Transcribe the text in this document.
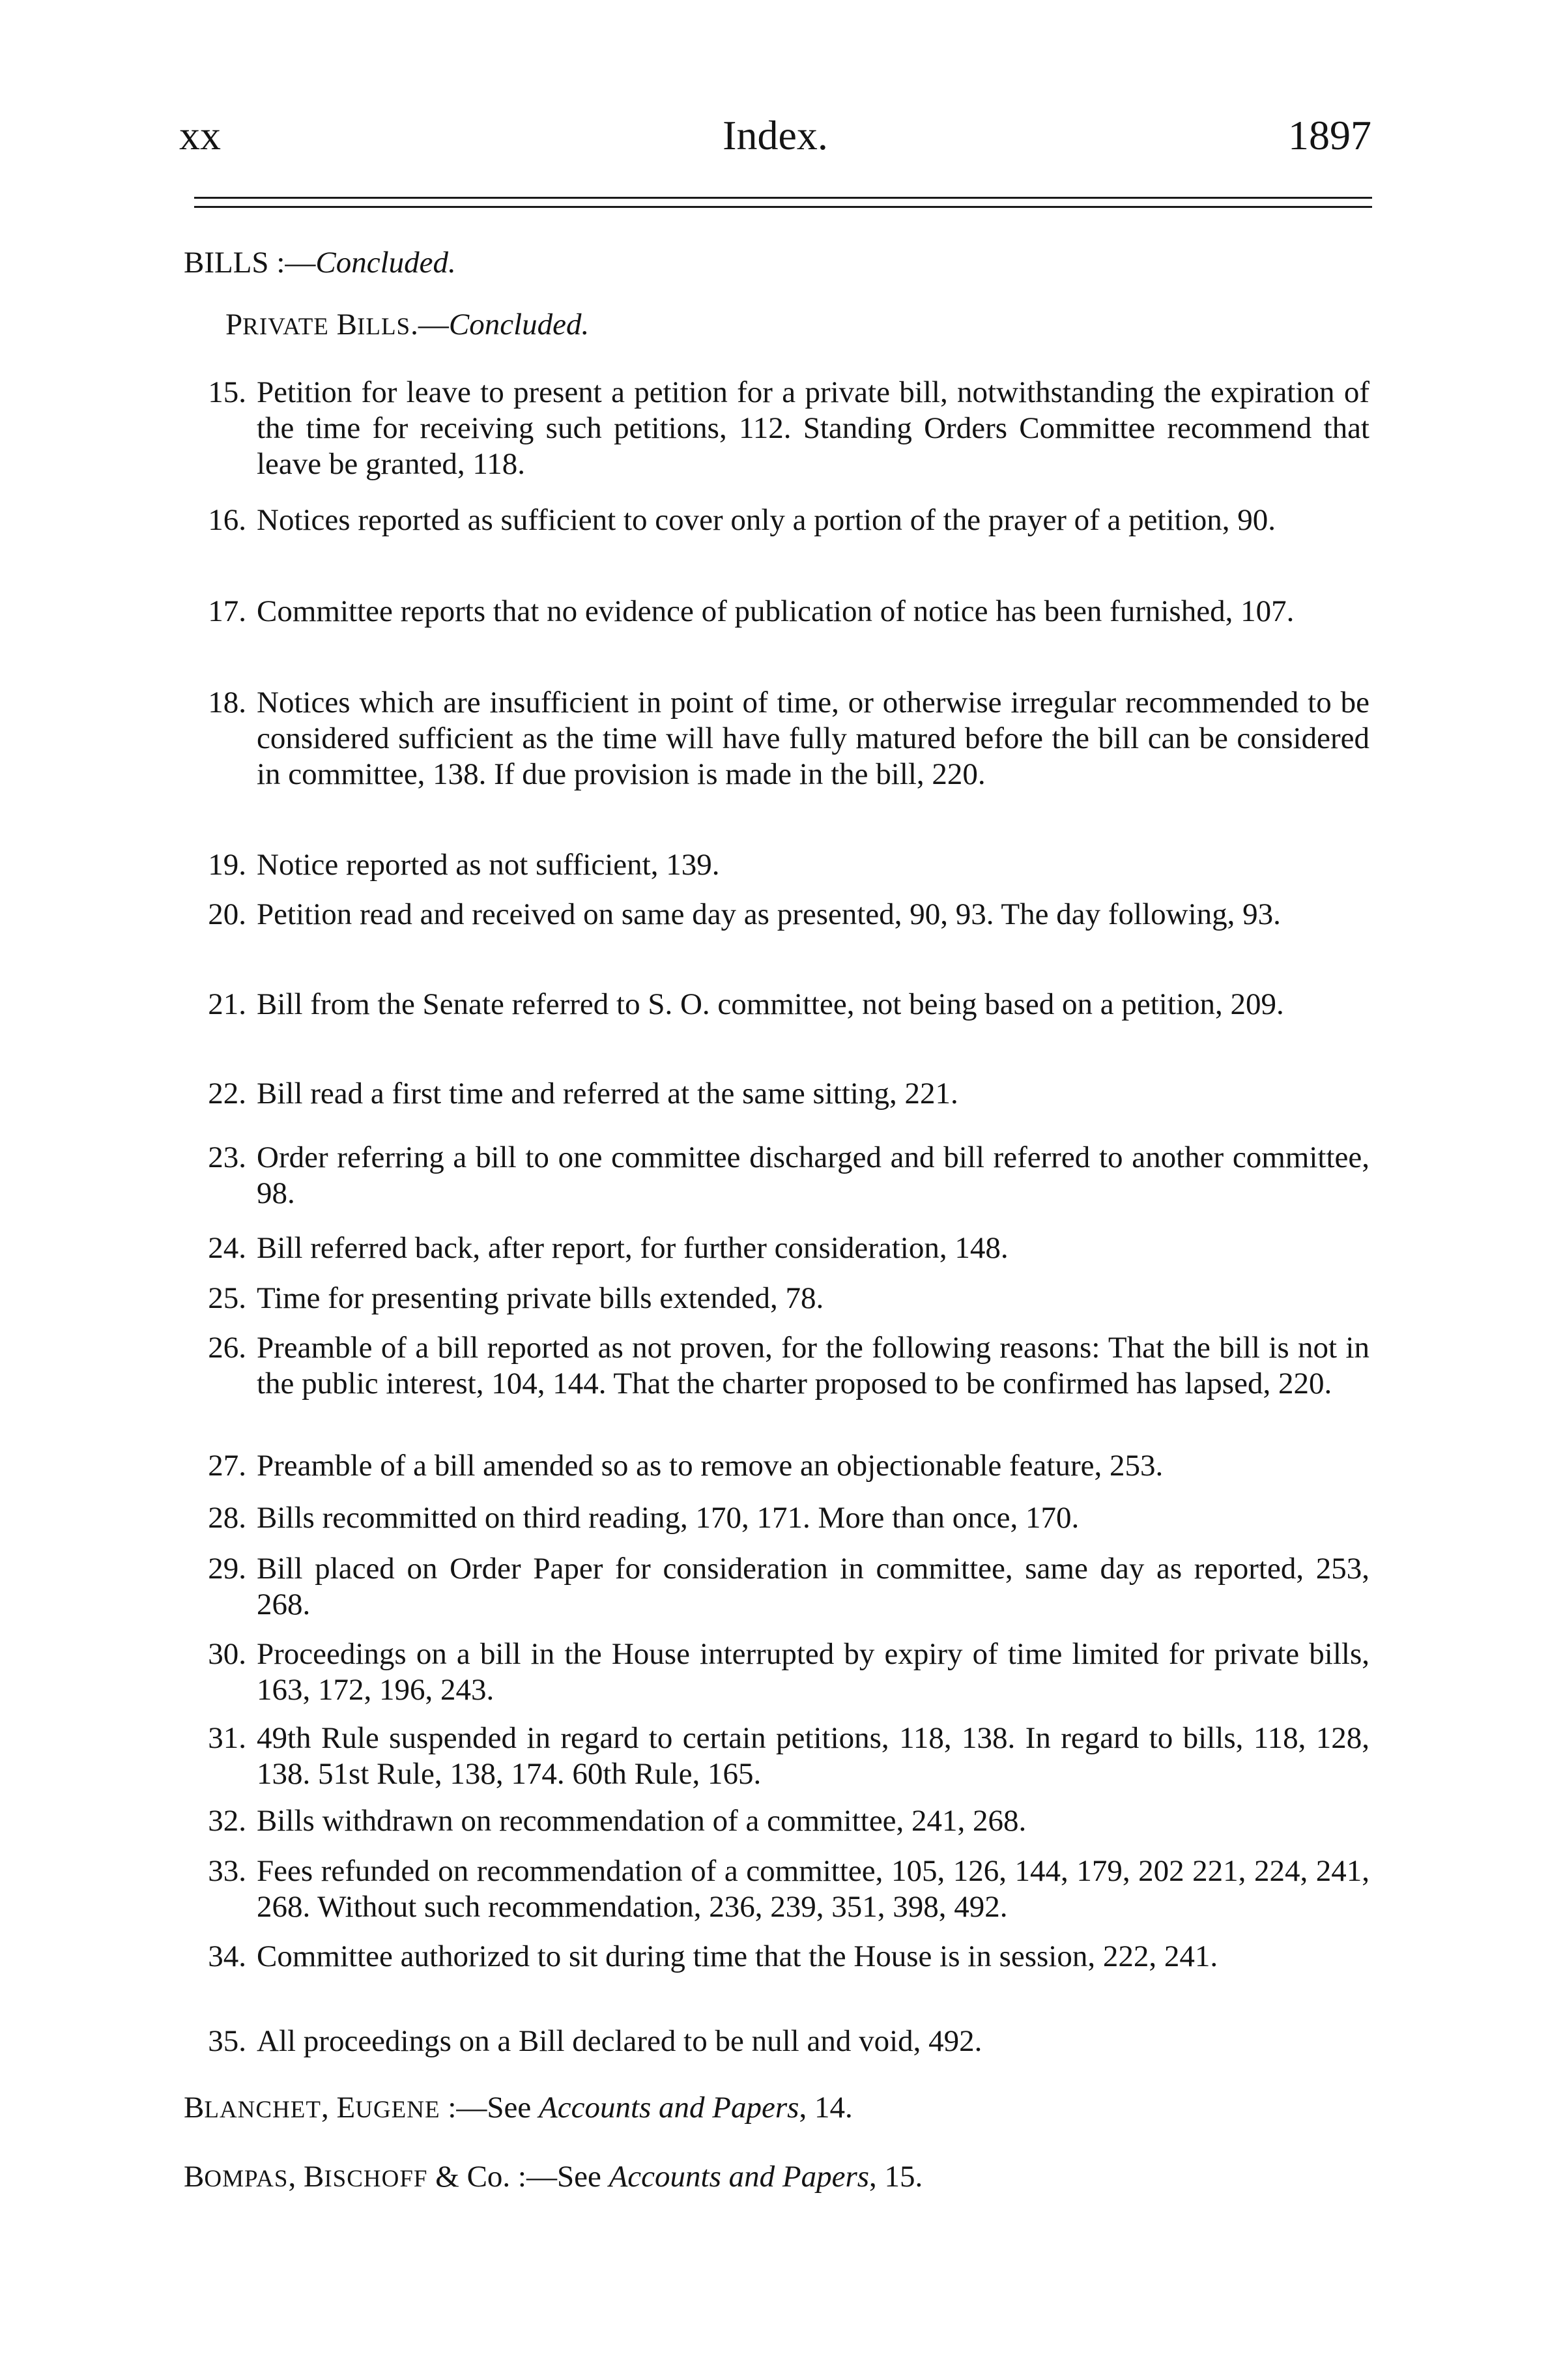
xx	Index.	1897
BILLS :—Concluded.
PRIVATE BILLS.—Concluded.
15. Petition for leave to present a petition for a private bill, notwithstanding the expiration of the time for receiving such petitions, 112. Standing Orders Committee recommend that leave be granted, 118.
16. Notices reported as sufficient to cover only a portion of the prayer of a petition, 90.
17. Committee reports that no evidence of publication of notice has been furnished, 107.
18. Notices which are insufficient in point of time, or otherwise irregular recommended to be considered sufficient as the time will have fully matured before the bill can be considered in committee, 138. If due provision is made in the bill, 220.
19. Notice reported as not sufficient, 139.
20. Petition read and received on same day as presented, 90, 93. The day following, 93.
21. Bill from the Senate referred to S. O. committee, not being based on a petition, 209.
22. Bill read a first time and referred at the same sitting, 221.
23. Order referring a bill to one committee discharged and bill referred to another committee, 98.
24. Bill referred back, after report, for further consideration, 148.
25. Time for presenting private bills extended, 78.
26. Preamble of a bill reported as not proven, for the following reasons: That the bill is not in the public interest, 104, 144. That the charter proposed to be confirmed has lapsed, 220.
27. Preamble of a bill amended so as to remove an objectionable feature, 253.
28. Bills recommitted on third reading, 170, 171. More than once, 170.
29. Bill placed on Order Paper for consideration in committee, same day as reported, 253, 268.
30. Proceedings on a bill in the House interrupted by expiry of time limited for private bills, 163, 172, 196, 243.
31. 49th Rule suspended in regard to certain petitions, 118, 138. In regard to bills, 118, 128, 138. 51st Rule, 138, 174. 60th Rule, 165.
32. Bills withdrawn on recommendation of a committee, 241, 268.
33. Fees refunded on recommendation of a committee, 105, 126, 144, 179, 202 221, 224, 241, 268. Without such recommendation, 236, 239, 351, 398, 492.
34. Committee authorized to sit during time that the House is in session, 222, 241.
35. All proceedings on a Bill declared to be null and void, 492.
BLANCHET, EUGENE :—See Accounts and Papers, 14.
BOMPAS, BISCHOFF & Co. :—See Accounts and Papers, 15.
